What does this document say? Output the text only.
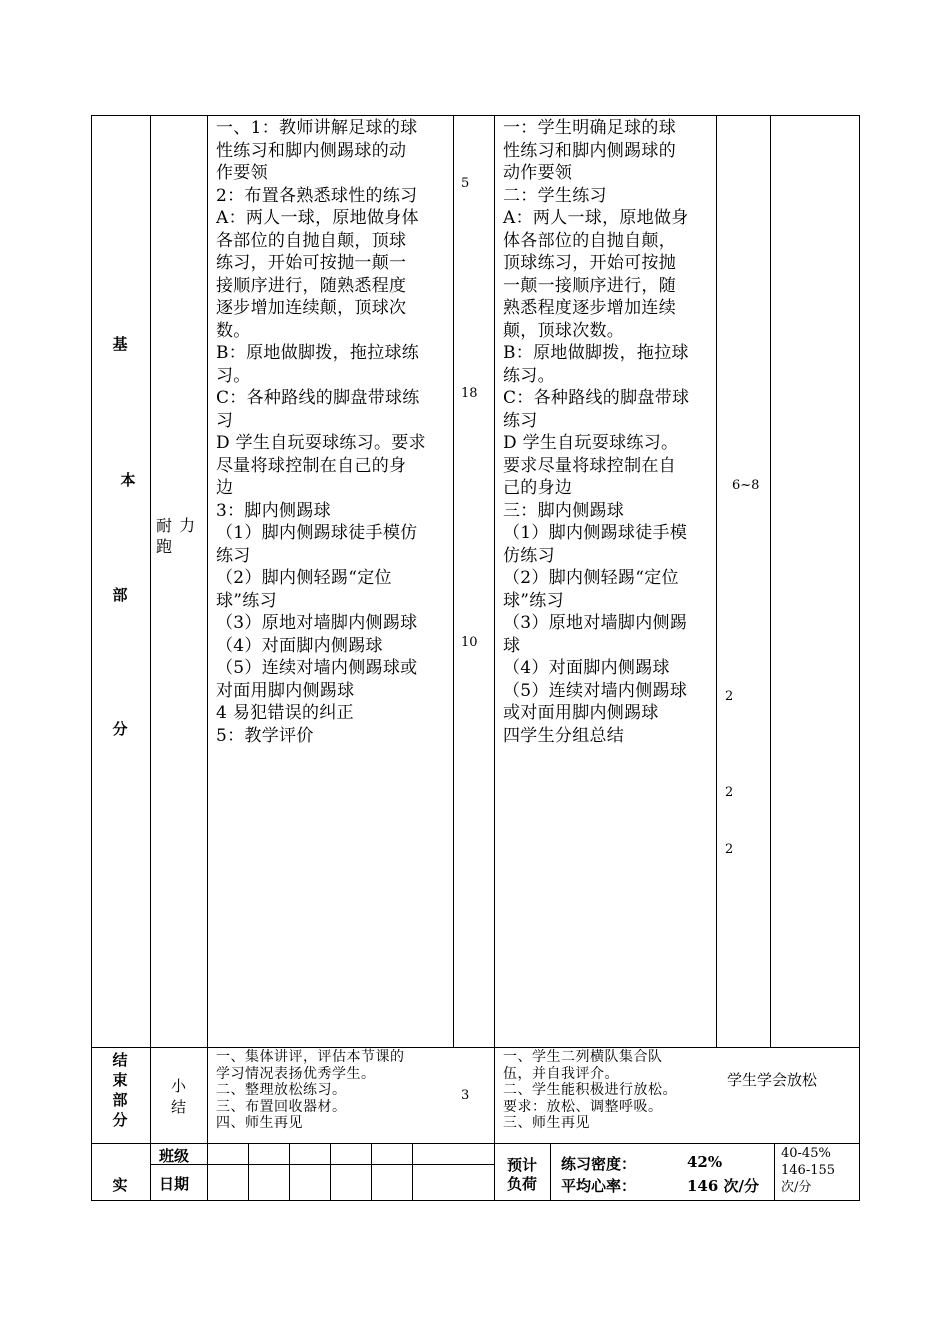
基
本
部
分
耐 力
跑
一、1：教师讲解足球的球
性练习和脚内侧踢球的动
作要领
2：布置各熟悉球性的练习
A：两人一球，原地做身体
各部位的自抛自颠，顶球
练习，开始可按抛一颠一
接顺序进行，随熟悉程度
逐步增加连续颠，顶球次
数。
B：原地做脚拨，拖拉球练
习。
C：各种路线的脚盘带球练
习
D 学生自玩耍球练习。要求
尽量将球控制在自己的身
边
3：脚内侧踢球
（1）脚内侧踢球徒手模仿
练习
（2）脚内侧轻踢“定位
球”练习
（3）原地对墙脚内侧踢球
（4）对面脚内侧踢球
（5）连续对墙内侧踢球或
对面用脚内侧踢球
4 易犯错误的纠正
5：教学评价
5
18
10
一：学生明确足球的球
性练习和脚内侧踢球的
动作要领
二：学生练习
A：两人一球，原地做身
体各部位的自抛自颠，
顶球练习，开始可按抛
一颠一接顺序进行，随
熟悉程度逐步增加连续
颠，顶球次数。
B：原地做脚拨，拖拉球
练习。
C：各种路线的脚盘带球
练习
D 学生自玩耍球练习。
要求尽量将球控制在自
己的身边
三：脚内侧踢球
（1）脚内侧踢球徒手模
仿练习
（2）脚内侧轻踢“定位
球”练习
（3）原地对墙脚内侧踢
球
（4）对面脚内侧踢球
（5）连续对墙内侧踢球
或对面用脚内侧踢球
四学生分组总结
6~8
2
2
2
结
束
部
分
小
结
一、集体讲评，评估本节课的
学习情况表扬优秀学生。
二、整理放松练习。
三、布置回收器材。
四、师生再见
3
一、学生二列横队集合队
伍，并自我评介。
二、学生能积极进行放松。
要求：放松、调整呼吸。
三、师生再见
学生学会放松
实
班级
日期
预计
负荷
练习密度：	42%
平均心率：	146 次/分
40-45%
146-155
次/分
